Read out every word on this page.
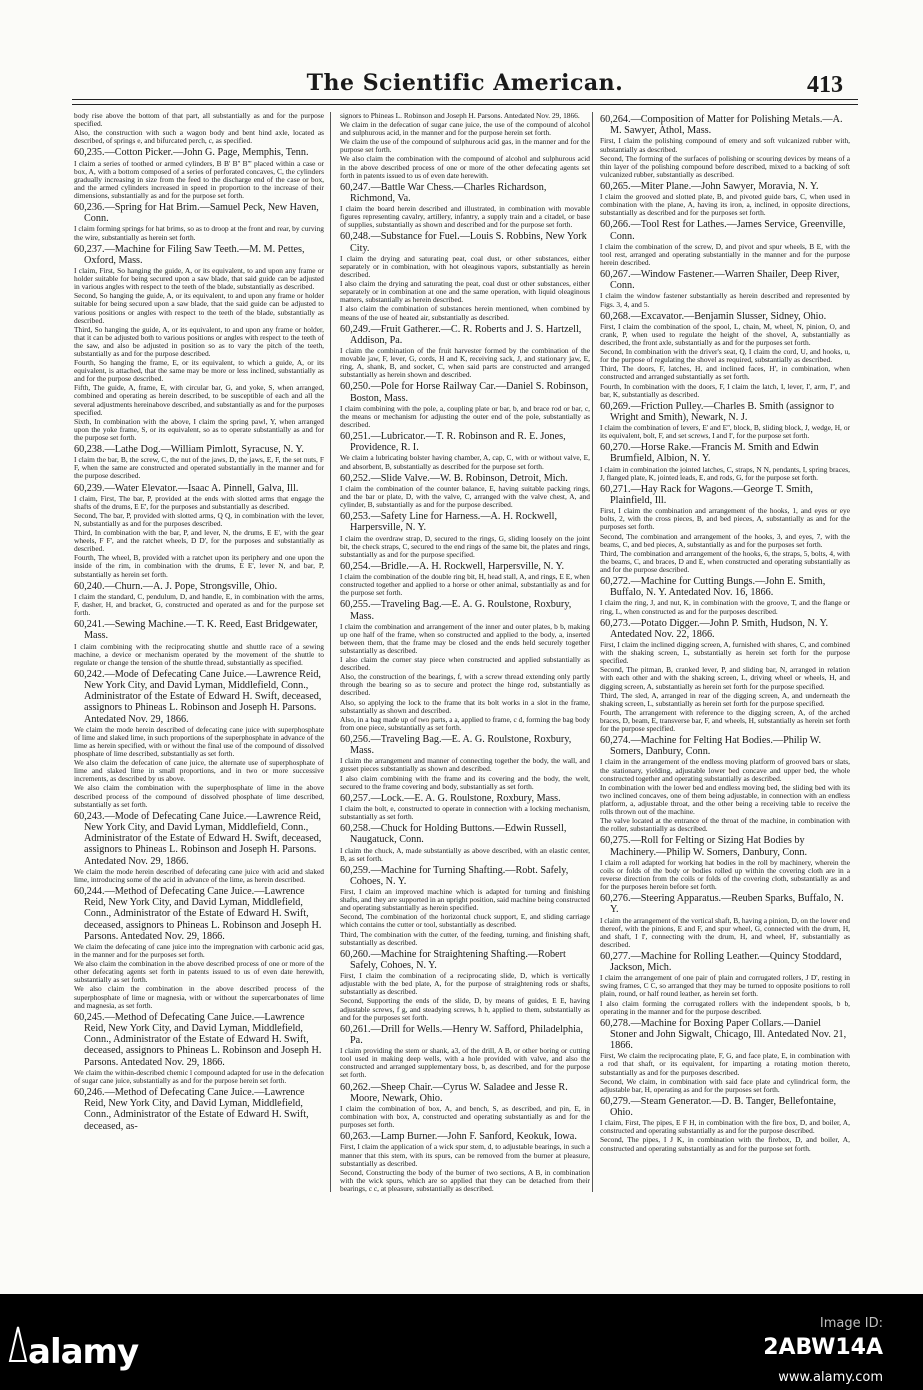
The Scientific American.	413
body rise above the bottom of that part, all substantially as and for the purpose specified.
Also, the construction with such a wagon body and bent hind axle, located as described, of springs e, and bifurcated perch, c, as specified.
60,235.—Cotton Picker.—John G. Page, Memphis, Tenn.
I claim a series of toothed or armed cylinders, B B' B'' B''' placed within a case or box, A, with a bottom composed of a series of perforated concaves, C, the cylinders gradually increasing in size from the feed to the discharge end of the case or box, and the armed cylinders increased in speed in proportion to the increase of their dimensions, substantially as and for the purpose set forth.
60,236.—Spring for Hat Brim.—Samuel Peck, New Haven, Conn.
I claim forming springs for hat brims, so as to droop at the front and rear, by curving the wire, substantially as herein set forth.
60,237.—Machine for Filing Saw Teeth.—M. M. Pettes, Oxford, Mass.
I claim, First, So hanging the guide, A, or its equivalent, to and upon any frame or holder suitable for being secured upon a saw blade, that said guide can be adjusted in various angles with respect to the teeth of the blade, substantially as described.
Second, So hanging the guide, A, or its equivalent, to and upon any frame or holder suitable for being secured upon a saw blade, that the said guide can be adjusted to various positions or angles with respect to the teeth of the blade, substantially as described.
Third, So hanging the guide, A, or its equivalent, to and upon any frame or holder, that it can be adjusted both to various positions or angles with respect to the teeth of the saw, and also be adjusted in position so as to vary the pitch of the teeth, substantially as and for the purpose described.
Fourth, So hanging the frame, E, or its equivalent, to which a guide, A, or its equivalent, is attached, that the same may be more or less inclined, substantially as and for the purpose described.
Fifth, The guide, A, frame, E, with circular bar, G, and yoke, S, when arranged, combined and operating as herein described, to be susceptible of each and all the several adjustments hereinabove described, and substantially as and for the purposes specified.
Sixth, In combination with the above, I claim the spring pawl, Y, when arranged upon the yoke frame, S, or its equivalent, so as to operate substantially as and for the purpose set forth.
60,238.—Lathe Dog.—William Pimlott, Syracuse, N. Y.
I claim the bar, B, the screw, C, the nut of the jaws, D, the jaws, E, F, the set nuts, F F, when the same are constructed and operated substantially in the manner and for the purpose described.
60,239.—Water Elevator.—Isaac A. Pinnell, Galva, Ill.
I claim, First, The bar, P, provided at the ends with slotted arms that engage the shafts of the drums, E E', for the purposes and substantially as described.
Second, The bar, P, provided with slotted arms, Q Q, in combination with the lever, N, substantially as and for the purposes described.
Third, In combination with the bar, P, and lever, N, the drums, E E', with the gear wheels, F F', and the ratchet wheels, D D', for the purposes and substantially as described.
Fourth, The wheel, B, provided with a ratchet upon its periphery and one upon the inside of the rim, in combination with the drums, E E', lever N, and bar, P, substantially as herein set forth.
60,240.—Churn.—A. J. Pope, Strongsville, Ohio.
I claim the standard, C, pendulum, D, and handle, E, in combination with the arms, F, dasher, H, and bracket, G, constructed and operated as and for the purpose set forth.
60,241.—Sewing Machine.—T. K. Reed, East Bridgewater, Mass.
I claim combining with the reciprocating shuttle and shuttle race of a sewing machine, a device or mechanism operated by the movement of the shuttle to regulate or change the tension of the shuttle thread, substantially as specified.
60,242.—Mode of Defecating Cane Juice.—Lawrence Reid, New York City, and David Lyman, Middlefield, Conn., Administrator of the Estate of Edward H. Swift, deceased, assignors to Phineas L. Robinson and Joseph H. Parsons. Antedated Nov. 29, 1866.
We claim the mode herein described of defecating cane juice with superphosphate of lime and slaked lime, in such proportions of the superphosphate in advance of the lime as herein specified, with or without the final use of the compound of dissolved phosphate of lime described, substantially as set forth.
We also claim the defecation of cane juice, the alternate use of superphosphate of lime and slaked lime in small proportions, and in two or more successive increments, as described by us above.
We also claim the combination with the superphosphate of lime in the above described process of the compound of dissolved phosphate of lime described, substantially as set forth.
60,243.—Mode of Defecating Cane Juice.—Lawrence Reid, New York City, and David Lyman, Middlefield, Conn., Administrator of the Estate of Edward H. Swift, deceased, assignors to Phineas L. Robinson and Joseph H. Parsons. Antedated Nov. 29, 1866.
We claim the mode herein described of defecating cane juice with acid and slaked lime, introducing some of the acid in advance of the lime, as herein described.
60,244.—Method of Defecating Cane Juice.—Lawrence Reid, New York City, and David Lyman, Middlefield, Conn., Administrator of the Estate of Edward H. Swift, deceased, assignors to Phineas L. Robinson and Joseph H. Parsons. Antedated Nov. 29, 1866.
We claim the defecating of cane juice into the impregnation with carbonic acid gas, in the manner and for the purposes set forth.
We also claim the combination in the above described process of one or more of the other defecating agents set forth in patents issued to us of even date herewith, substantially as set forth.
We also claim the combination in the above described process of the superphosphate of lime or magnesia, with or without the supercarbonates of lime and magnesia, as set forth.
60,245.—Method of Defecating Cane Juice.—Lawrence Reid, New York City, and David Lyman, Middlefield, Conn., Administrator of the Estate of Edward H. Swift, deceased, assignors to Phineas L. Robinson and Joseph H. Parsons. Antedated Nov. 29, 1866.
We claim the within-described chemic l compound adapted for use in the defecation of sugar cane juice, substantially as and for the purpose herein set forth.
60,246.—Method of Defecating Cane Juice.—Lawrence Reid, New York City, and David Lyman, Middlefield, Conn., Administrator of the Estate of Edward H. Swift, deceased, as-
signors to Phineas L. Robinson and Joseph H. Parsons. Antedated Nov. 29, 1866.
We claim in the defecation of sugar cane juice, the use of the compound of alcohol and sulphurous acid, in the manner and for the purpose herein set forth.
We claim the use of the compound of sulphurous acid gas, in the manner and for the purpose set forth.
We also claim the combination with the compound of alcohol and sulphurous acid in the above described process of one or more of the other defecating agents set forth in patents issued to us of even date herewith.
60,247.—Battle War Chess.—Charles Richardson, Richmond, Va.
I claim the board herein described and illustrated, in combination with movable figures representing cavalry, artillery, infantry, a supply train and a citadel, or base of supplies, substantially as shown and described and for the purpose set forth.
60,248.—Substance for Fuel.—Louis S. Robbins, New York City.
I claim the drying and saturating peat, coal dust, or other substances, either separately or in combination, with hot oleaginous vapors, substantially as herein described.
I also claim the drying and saturating the peat, coal dust or other substances, either separately or in combination at one and the same operation, with liquid oleaginous matters, substantially as herein described.
I also claim the combination of substances herein mentioned, when combined by means of the use of heated air, substantially as described.
60,249.—Fruit Gatherer.—C. R. Roberts and J. S. Hartzell, Addison, Pa.
I claim the combination of the fruit harvester formed by the combination of the movable jaw, F, lever, G, cords, H and K, receiving sack, J, and stationary jaw, E, ring, A, shank, B, and socket, C, when said parts are constructed and arranged substantially as herein shown and described.
60,250.—Pole for Horse Railway Car.—Daniel S. Robinson, Boston, Mass.
I claim combining with the pole, a, coupling plate or bar, b, and brace rod or bar, c, the means or mechanism for adjusting the outer end of the pole, substantially as described.
60,251.—Lubricator.—T. R. Robinson and R. E. Jones, Providence, R. I.
We claim a lubricating bolster having chamber, A, cap, C, with or without valve, E, and absorbent, B, substantially as described for the purpose set forth.
60,252.—Slide Valve.—W. B. Robinson, Detroit, Mich.
I claim the combination of the counter balance, E, having suitable packing rings, and the bar or plate, D, with the valve, C, arranged with the valve chest, A, and cylinder, B, substantially as and for the purpose described.
60,253.—Safety Line for Harness.—A. H. Rockwell, Harpersville, N. Y.
I claim the overdraw strap, D, secured to the rings, G, sliding loosely on the joint bit, the check straps, C, secured to the end rings of the same bit, the plates and rings, substantially as and for the purpose specified.
60,254.—Bridle.—A. H. Rockwell, Harpersville, N. Y.
I claim the combination of the double ring bit, H, head stall, A, and rings, E E, when constructed together and applied to a horse or other animal, substantially as and for the purpose set forth.
60,255.—Traveling Bag.—E. A. G. Roulstone, Roxbury, Mass.
I claim the combination and arrangement of the inner and outer plates, b b, making up one half of the frame, when so constructed and applied to the body, a, inserted between them, that the frame may be closed and the ends held securely together substantially as described.
I also claim the corner stay piece when constructed and applied substantially as described.
Also, the construction of the bearings, f, with a screw thread extending only partly through the bearing so as to secure and protect the hinge rod, substantially as described.
Also, so applying the lock to the frame that its bolt works in a slot in the frame, substantially as shown and described.
Also, in a bag made up of two parts, a a, applied to frame, c d, forming the bag body from one piece, substantially as set forth.
60,256.—Traveling Bag.—E. A. G. Roulstone, Roxbury, Mass.
I claim the arrangement and manner of connecting together the body, the wall, and gusset pieces substantially as shown and described.
I also claim combining with the frame and its covering and the body, the welt, secured to the frame covering and body, substantially as set forth.
60,257.—Lock.—E. A. G. Roulstone, Roxbury, Mass.
I claim the bolt, e, constructed to operate in connection with a locking mechanism, substantially as set forth.
60,258.—Chuck for Holding Buttons.—Edwin Russell, Naugatuck, Conn.
I claim the chuck, A, made substantially as above described, with an elastic center, B, as set forth.
60,259.—Machine for Turning Shafting.—Robt. Safely, Cohoes, N. Y.
First, I claim an improved machine which is adapted for turning and finishing shafts, and they are supported in an upright position, said machine being constructed and operating substantially as herein specified.
Second, The combination of the horizontal chuck support, E, and sliding carriage which contains the cutter or tool, substantially as described.
Third, The combination with the cutter, of the feeding, turning, and finishing shaft, substantially as described.
60,260.—Machine for Straightening Shafting.—Robert Safely, Cohoes, N. Y.
First, I claim the combination of a reciprocating slide, D, which is vertically adjustable with the bed plate, A, for the purpose of straightening rods or shafts, substantially as described.
Second, Supporting the ends of the slide, D, by means of guides, E E, having adjustable screws, f g, and steadying screws, h h, applied to them, substantially as and for the purposes set forth.
60,261.—Drill for Wells.—Henry W. Safford, Philadelphia, Pa.
I claim providing the stem or shank, a3, of the drill, A B, or other boring or cutting tool used in making deep wells, with a hole provided with valve, and also the constructed and arranged supplementary boss, b, as described, and for the purpose set forth.
60,262.—Sheep Chair.—Cyrus W. Saladee and Jesse R. Moore, Newark, Ohio.
I claim the combination of box, A, and bench, S, as described, and pin, E, in combination with box, A, constructed and operating substantially as and for the purposes set forth.
60,263.—Lamp Burner.—John F. Sanford, Keokuk, Iowa.
First, I claim the application of a wick spur stem, d, to adjustable bearings, in such a manner that this stem, with its spurs, can be removed from the burner at pleasure, substantially as described.
Second, Constructing the body of the burner of two sections, A B, in combination with the wick spurs, which are so applied that they can be detached from their bearings, c c, at pleasure, substantially as described.
60,264.—Composition of Matter for Polishing Metals.—A. M. Sawyer, Athol, Mass.
First, I claim the polishing compound of emery and soft vulcanized rubber with, substantially as described.
Second, The forming of the surfaces of polishing or scouring devices by means of a thin layer of the polishing compound before described, mixed to a backing of soft vulcanized rubber, substantially as described.
60,265.—Miter Plane.—John Sawyer, Moravia, N. Y.
I claim the grooved and slotted plate, B, and pivoted guide bars, C, when used in combination with the plane, A, having its iron, a, inclined, in opposite directions, substantially as described and for the purposes set forth.
60,266.—Tool Rest for Lathes.—James Service, Greenville, Conn.
I claim the combination of the screw, D, and pivot and spur wheels, B E, with the tool rest, arranged and operating substantially in the manner and for the purpose herein described.
60,267.—Window Fastener.—Warren Shailer, Deep River, Conn.
I claim the window fastener substantially as herein described and represented by Figs. 3, 4, and 5.
60,268.—Excavator.—Benjamin Slusser, Sidney, Ohio.
First, I claim the combination of the spool, L, chain, M, wheel, N, pinion, O, and crank, P, when used to regulate the height of the shovel, A, substantially as described, the front axle, substantially as and for the purposes set forth.
Second, In combination with the driver's seat, Q, I claim the cord, U, and hooks, u, for the purpose of regulating the shovel as required, substantially as described.
Third, The doors, F, latches, H, and inclined faces, H', in combination, when constructed and arranged substantially as set forth.
Fourth, In combination with the doors, F, I claim the latch, I, lever, I', arm, I'', and bar, K, substantially as described.
60,269.—Friction Pulley.—Charles B. Smith (assignor to Wright and Smith), Newark, N. J.
I claim the combination of levers, E' and E'', block, B, sliding block, J, wedge, H, or its equivalent, bolt, F, and set screws, I and I', for the purpose set forth.
60,270.—Horse Rake.—Francis M. Smith and Edwin Brumfield, Albion, N. Y.
I claim in combination the jointed latches, C, straps, N N, pendants, I, spring braces, J, flanged plate, K, jointed leads, E, and rods, G, for the purpose set forth.
60,271.—Hay Rack for Wagons.—George T. Smith, Plainfield, Ill.
First, I claim the combination and arrangement of the hooks, 1, and eyes or eye bolts, 2, with the cross pieces, B, and bed pieces, A, substantially as and for the purposes set forth.
Second, The combination and arrangement of the hooks, 3, and eyes, 7, with the beams, C, and bed pieces, A, substantially as and for the purposes set forth.
Third, The combination and arrangement of the hooks, 6, the straps, 5, bolts, 4, with the beams, C, and braces, D and E, when constructed and operating substantially as and for the purpose described.
60,272.—Machine for Cutting Bungs.—John E. Smith, Buffalo, N. Y. Antedated Nov. 16, 1866.
I claim the ring, J, and nut, K, in combination with the groove, T, and the flange or ring, L, when constructed as and for the purposes described.
60,273.—Potato Digger.—John P. Smith, Hudson, N. Y. Antedated Nov. 22, 1866.
First, I claim the inclined digging screen, A, furnished with shares, C, and combined with the shaking screen, L, substantially as herein set forth for the purpose specified.
Second, The pitman, B, cranked lever, P, and sliding bar, N, arranged in relation with each other and with the shaking screen, L, driving wheel or wheels, H, and digging screen, A, substantially as herein set forth for the purpose specified.
Third, The sled, A, arranged in rear of the digging screen, A, and underneath the shaking screen, L, substantially as herein set forth for the purpose specified.
Fourth, The arrangement with reference to the digging screen, A, of the arched braces, D, beam, E, transverse bar, F, and wheels, H, substantially as herein set forth for the purpose specified.
60,274.—Machine for Felting Hat Bodies.—Philip W. Somers, Danbury, Conn.
I claim in the arrangement of the endless moving platform of grooved bars or slats, the stationary, yielding, adjustable lower bed concave and upper bed, the whole constructed together and operating substantially as described.
In combination with the lower bed and endless moving bed, the sliding bed with its two inclined concaves, one of them being adjustable, in connection with an endless platform, a, adjustable throat, and the other being a receiving table to receive the rolls thrown out of the machine.
The valve located at the entrance of the throat of the machine, in combination with the roller, substantially as described.
60,275.—Roll for Felting or Sizing Hat Bodies by Machinery.—Philip W. Somers, Danbury, Conn.
I claim a roll adapted for working hat bodies in the roll by machinery, wherein the coils or folds of the body or bodies rolled up within the covering cloth are in a reverse direction from the coils or folds of the covering cloth, substantially as and for the purposes herein before set forth.
60,276.—Steering Apparatus.—Reuben Sparks, Buffalo, N. Y.
I claim the arrangement of the vertical shaft, B, having a pinion, D, on the lower end thereof, with the pinions, E and F, and spur wheel, G, connected with the drum, H, and shaft, I I', connecting with the drum, H, and wheel, H', substantially as described.
60,277.—Machine for Rolling Leather.—Quincy Stoddard, Jackson, Mich.
I claim the arrangement of one pair of plain and corrugated rollers, J D', resting in swing frames, C C, so arranged that they may be turned to opposite positions to roll plain, round, or half round leather, as herein set forth.
I also claim forming the corrugated rollers with the independent spools, b b, operating in the manner and for the purpose described.
60,278.—Machine for Boxing Paper Collars.—Daniel Stoner and John Sigwalt, Chicago, Ill. Antedated Nov. 21, 1866.
First, We claim the reciprocating plate, F, G, and face plate, E, in combination with a rod that shaft, or its equivalent, for imparting a rotating motion thereto, substantially as and for the purposes described.
Second, We claim, in combination with said face plate and cylindrical form, the adjustable bar, H, operating as and for the purposes set forth.
60,279.—Steam Generator.—D. B. Tanger, Bellefontaine, Ohio.
I claim, First, The pipes, E F H, in combination with the fire box, D, and boiler, A, constructed and operating substantially as and for the purpose described.
Second, The pipes, I J K, in combination with the firebox, D, and boiler, A, constructed and operating substantially as and for the purpose set forth.
alamy
Image ID:
2ABW14A
www.alamy.com
